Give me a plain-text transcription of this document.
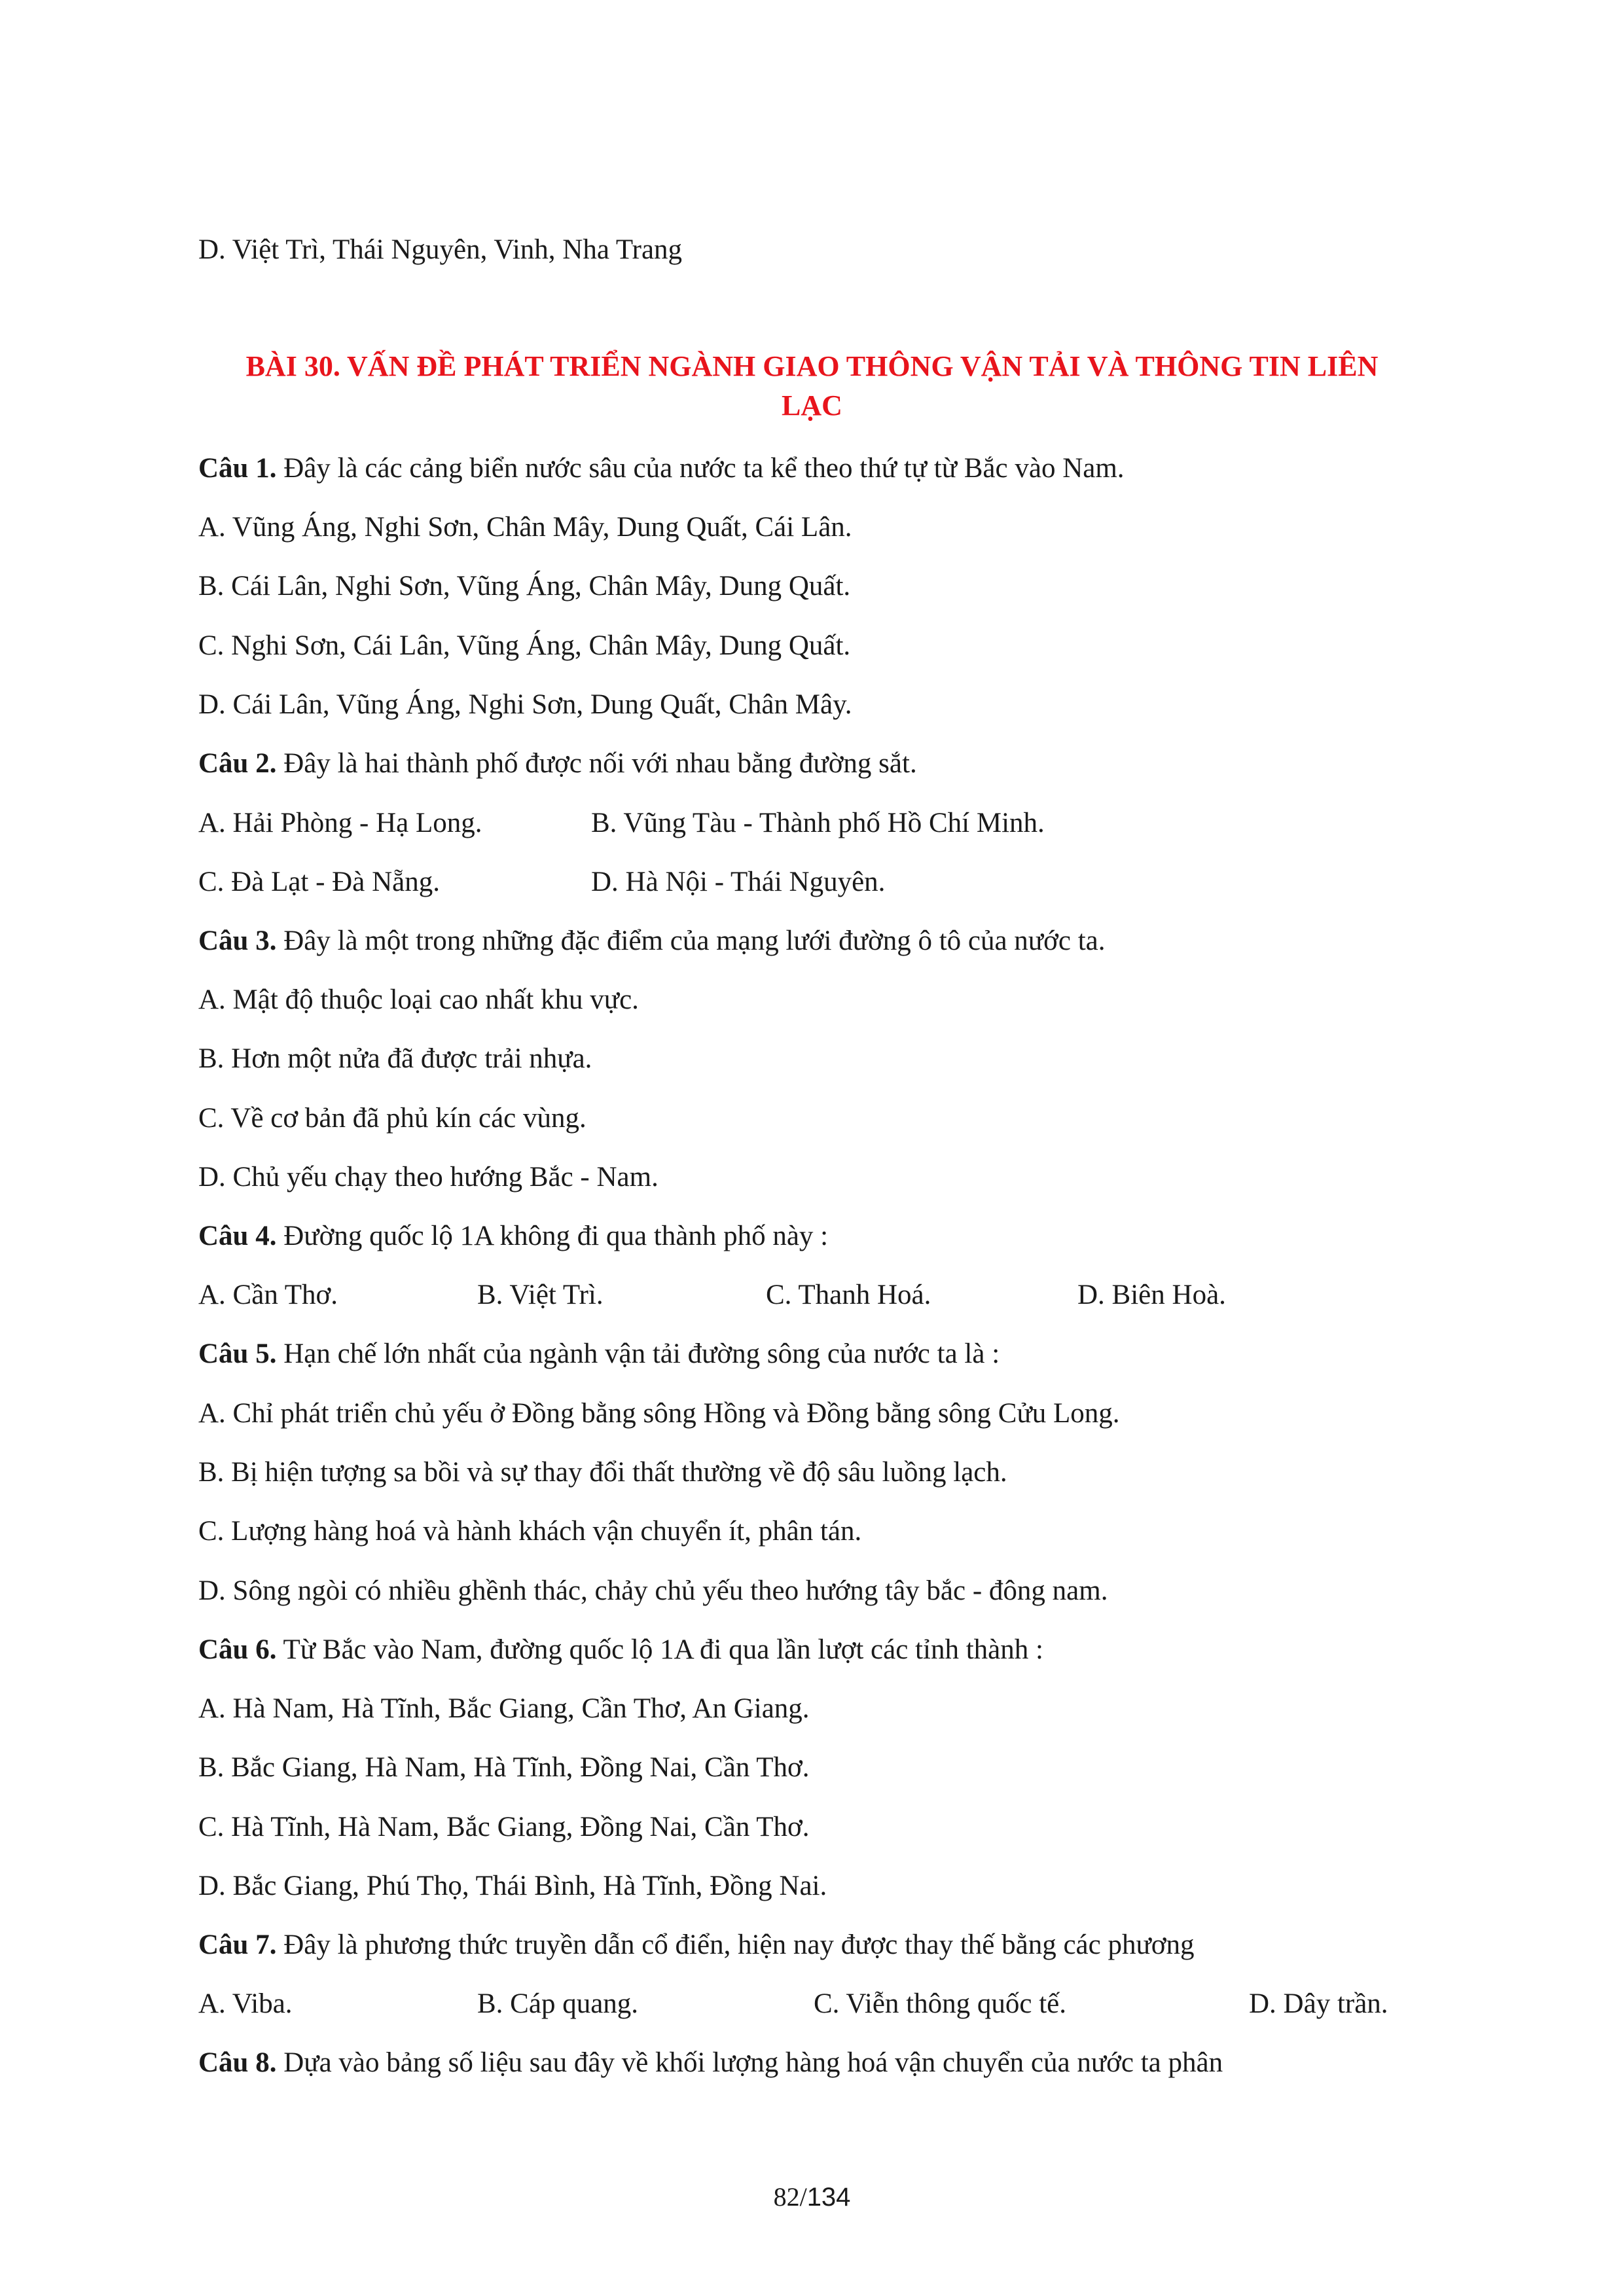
D. Việt Trì, Thái Nguyên, Vinh, Nha Trang
BÀI 30. VẤN ĐỀ PHÁT TRIỂN NGÀNH GIAO THÔNG VẬN TẢI VÀ THÔNG TIN LIÊN
LẠC
Câu 1. Đây là các cảng biển nước sâu của nước ta kể theo thứ tự từ Bắc vào Nam.
A. Vũng Áng, Nghi Sơn, Chân Mây, Dung Quất, Cái Lân.
B. Cái Lân, Nghi Sơn, Vũng Áng, Chân Mây, Dung Quất.
C. Nghi Sơn, Cái Lân, Vũng Áng, Chân Mây, Dung Quất.
D. Cái Lân, Vũng Áng, Nghi Sơn, Dung Quất, Chân Mây.
Câu 2. Đây là hai thành phố được nối với nhau bằng đường sắt.
A. Hải Phòng - Hạ Long.	B. Vũng Tàu - Thành phố Hồ Chí Minh.
C. Đà Lạt - Đà Nẵng.	D. Hà Nội - Thái Nguyên.
Câu 3. Đây là một trong những đặc điểm của mạng lưới đường ô tô của nước ta.
A. Mật độ thuộc loại cao nhất khu vực.
B. Hơn một nửa đã được trải nhựa.
C. Về cơ bản đã phủ kín các vùng.
D. Chủ yếu chạy theo hướng Bắc - Nam.
Câu 4. Đường quốc lộ 1A không đi qua thành phố này :
A. Cần Thơ.	B. Việt Trì.	C. Thanh Hoá.	D. Biên Hoà.
Câu 5. Hạn chế lớn nhất của ngành vận tải đường sông của nước ta là :
A. Chỉ phát triển chủ yếu ở Đồng bằng sông Hồng và Đồng bằng sông Cửu Long.
B. Bị hiện tượng sa bồi và sự thay đổi thất thường về độ sâu luồng lạch.
C. Lượng hàng hoá và hành khách vận chuyển ít, phân tán.
D. Sông ngòi có nhiều ghềnh thác, chảy chủ yếu theo hướng tây bắc - đông nam.
Câu 6. Từ Bắc vào Nam, đường quốc lộ 1A đi qua lần lượt các tỉnh thành :
A. Hà Nam, Hà Tĩnh, Bắc Giang, Cần Thơ, An Giang.
B. Bắc Giang, Hà Nam, Hà Tĩnh, Đồng Nai, Cần Thơ.
C. Hà Tĩnh, Hà Nam, Bắc Giang, Đồng Nai, Cần Thơ.
D. Bắc Giang, Phú Thọ, Thái Bình, Hà Tĩnh, Đồng Nai.
Câu 7. Đây là phương thức truyền dẫn cổ điển, hiện nay được thay thế bằng các phương
A. Viba.	B. Cáp quang.	C. Viễn thông quốc tế.	D. Dây trần.
Câu 8. Dựa vào bảng số liệu sau đây về khối lượng hàng hoá vận chuyển của nước ta phân
82/134
